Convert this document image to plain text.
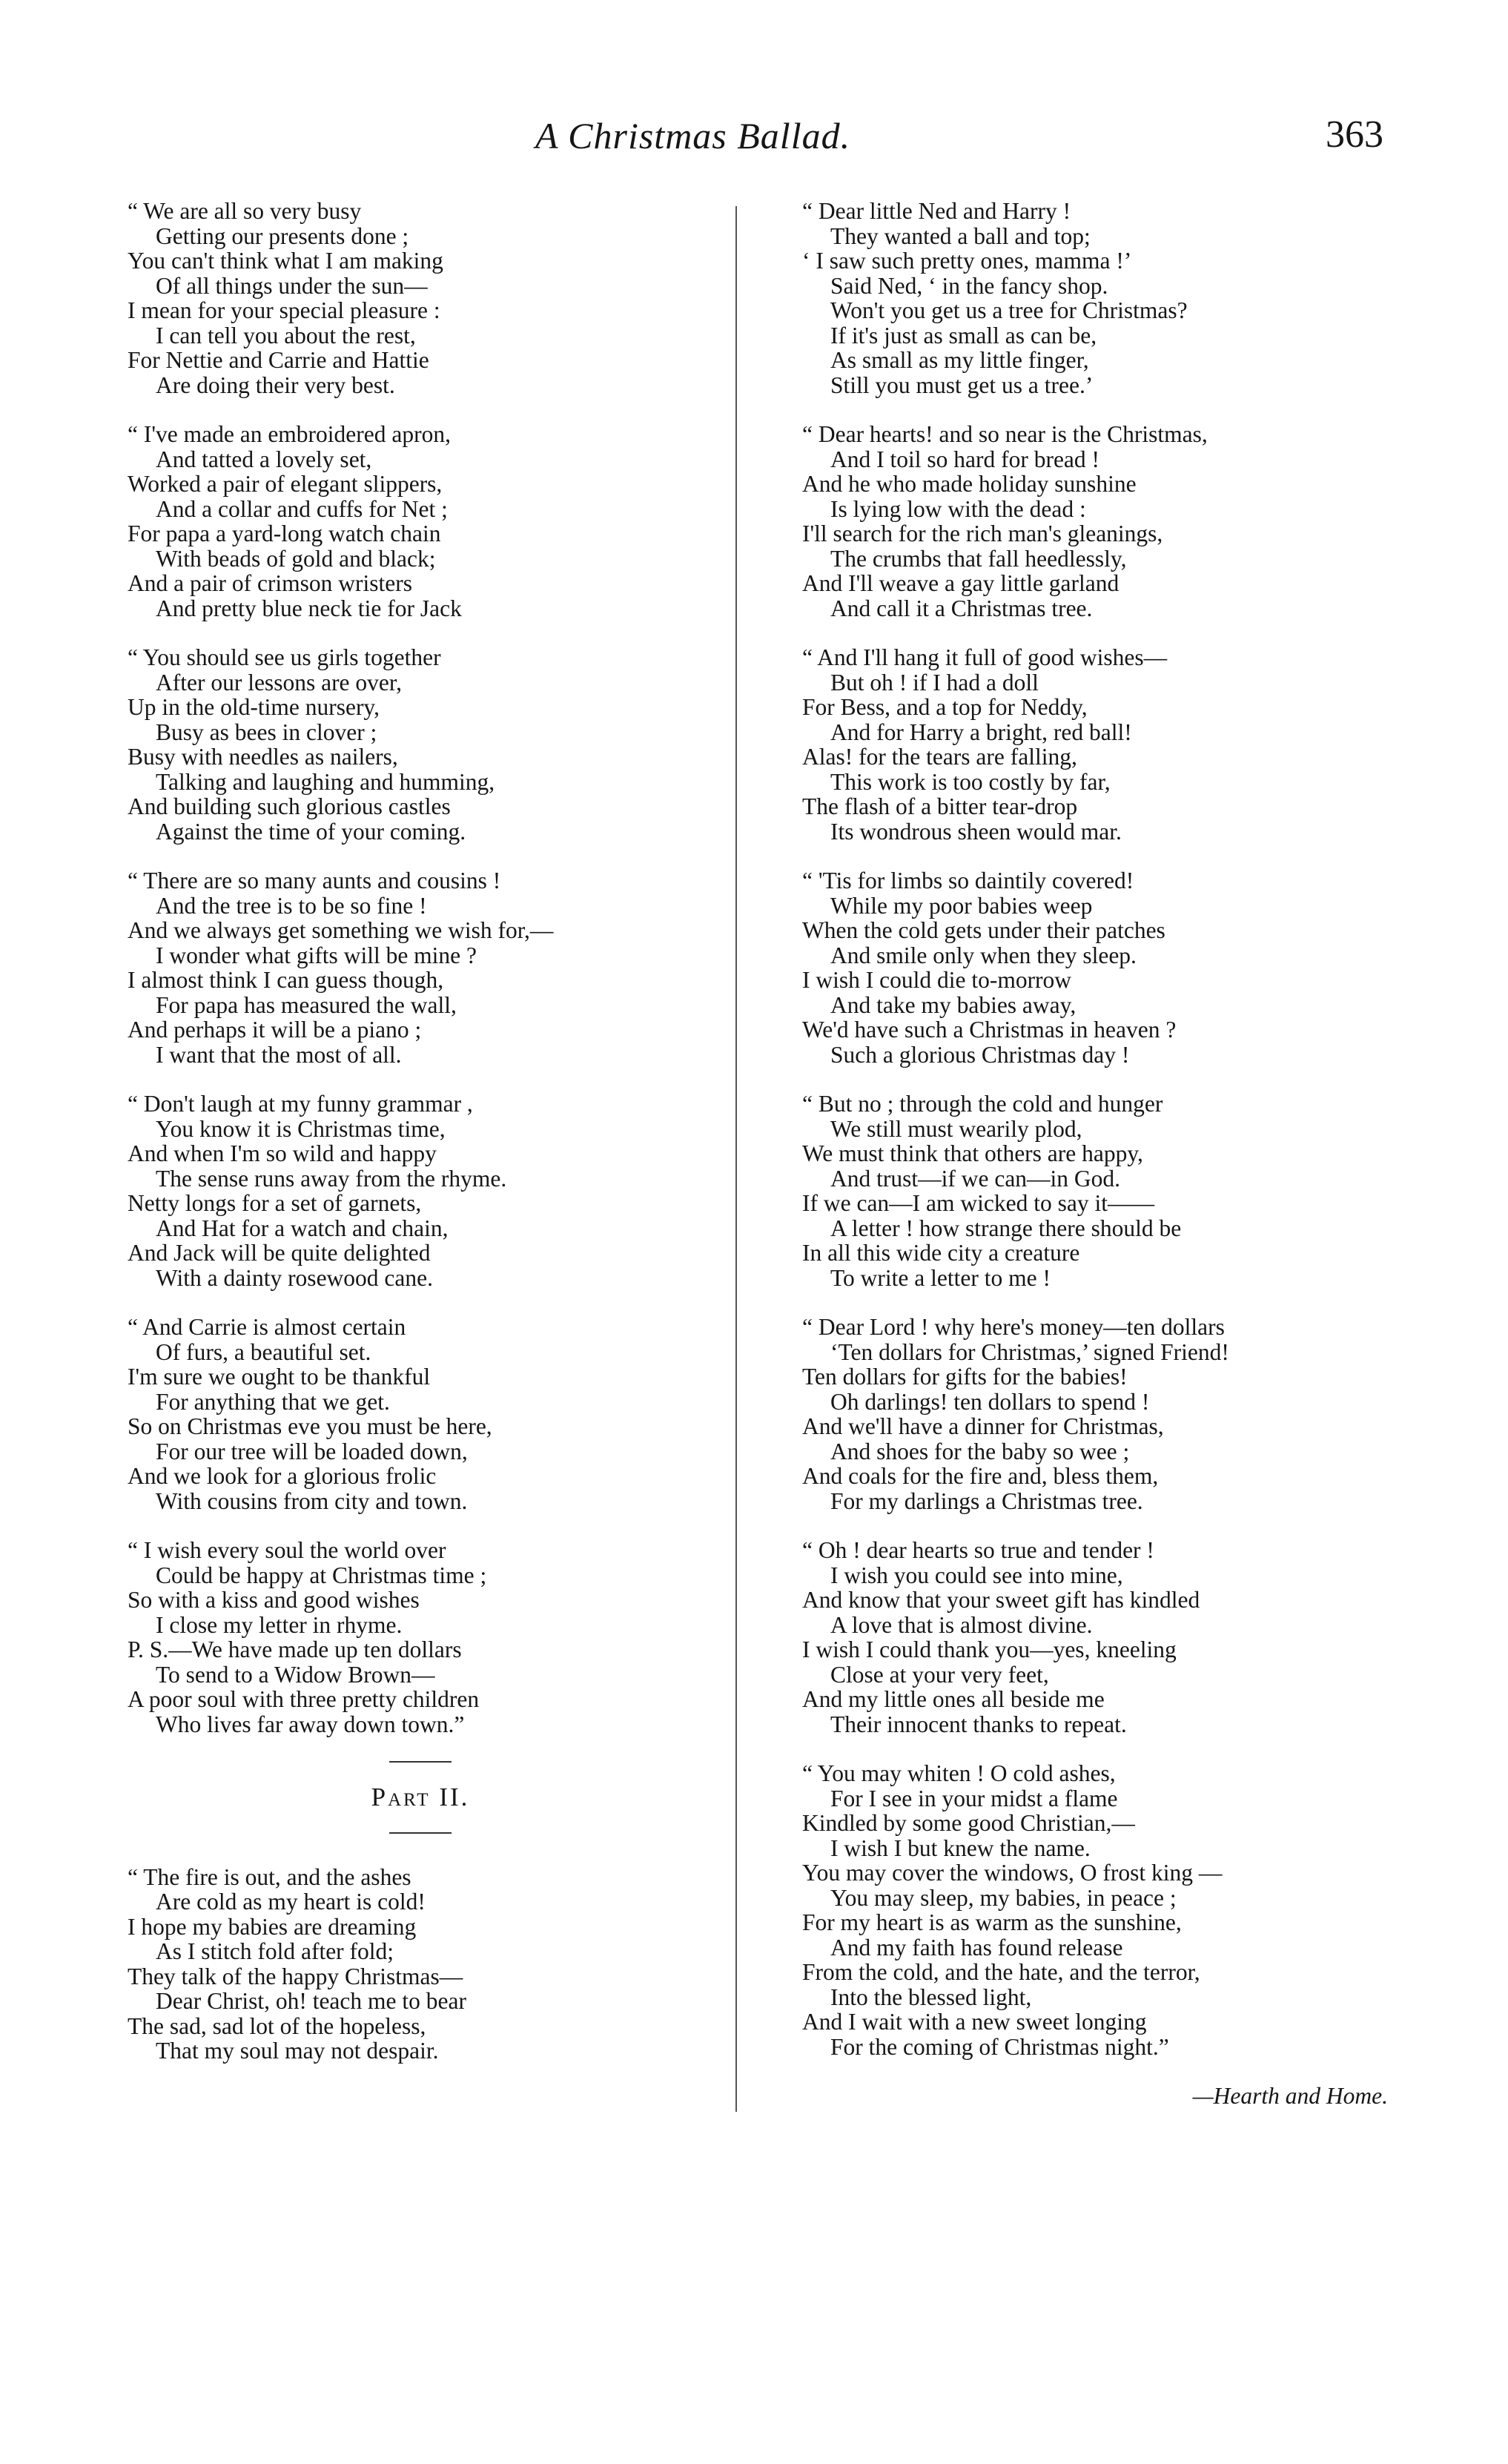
A Christmas Ballad.	363
“ We are all so very busy
Getting our presents done ;
You can't think what I am making
Of all things under the sun—
I mean for your special pleasure :
I can tell you about the rest,
For Nettie and Carrie and Hattie
Are doing their very best.
“ I've made an embroidered apron,
And tatted a lovely set,
Worked a pair of elegant slippers,
And a collar and cuffs for Net ;
For papa a yard-long watch chain
With beads of gold and black;
And a pair of crimson wristers
And pretty blue neck tie for Jack
“ You should see us girls together
After our lessons are over,
Up in the old-time nursery,
Busy as bees in clover ;
Busy with needles as nailers,
Talking and laughing and humming,
And building such glorious castles
Against the time of your coming.
“ There are so many aunts and cousins !
And the tree is to be so fine !
And we always get something we wish for,—
I wonder what gifts will be mine ?
I almost think I can guess though,
For papa has measured the wall,
And perhaps it will be a piano ;
I want that the most of all.
“ Don't laugh at my funny grammar ,
You know it is Christmas time,
And when I'm so wild and happy
The sense runs away from the rhyme.
Netty longs for a set of garnets,
And Hat for a watch and chain,
And Jack will be quite delighted
With a dainty rosewood cane.
“ And Carrie is almost certain
Of furs, a beautiful set.
I'm sure we ought to be thankful
For anything that we get.
So on Christmas eve you must be here,
For our tree will be loaded down,
And we look for a glorious frolic
With cousins from city and town.
“ I wish every soul the world over
Could be happy at Christmas time ;
So with a kiss and good wishes
I close my letter in rhyme.
P. S.—We have made up ten dollars
To send to a Widow Brown—
A poor soul with three pretty children
Who lives far away down town.”
Part II.
“ The fire is out, and the ashes
Are cold as my heart is cold!
I hope my babies are dreaming
As I stitch fold after fold;
They talk of the happy Christmas—
Dear Christ, oh! teach me to bear
The sad, sad lot of the hopeless,
That my soul may not despair.
“ Dear little Ned and Harry !
They wanted a ball and top;
‘ I saw such pretty ones, mamma !’
Said Ned, ‘ in the fancy shop.
Won't you get us a tree for Christmas?
If it's just as small as can be,
As small as my little finger,
Still you must get us a tree.’
“ Dear hearts! and so near is the Christmas,
And I toil so hard for bread !
And he who made holiday sunshine
Is lying low with the dead :
I'll search for the rich man's gleanings,
The crumbs that fall heedlessly,
And I'll weave a gay little garland
And call it a Christmas tree.
“ And I'll hang it full of good wishes—
But oh ! if I had a doll
For Bess, and a top for Neddy,
And for Harry a bright, red ball!
Alas! for the tears are falling,
This work is too costly by far,
The flash of a bitter tear-drop
Its wondrous sheen would mar.
“ 'Tis for limbs so daintily covered!
While my poor babies weep
When the cold gets under their patches
And smile only when they sleep.
I wish I could die to-morrow
And take my babies away,
We'd have such a Christmas in heaven ?
Such a glorious Christmas day !
“ But no ; through the cold and hunger
We still must wearily plod,
We must think that others are happy,
And trust—if we can—in God.
If we can—I am wicked to say it——
A letter ! how strange there should be
In all this wide city a creature
To write a letter to me !
“ Dear Lord ! why here's money—ten dollars
‘Ten dollars for Christmas,’ signed Friend!
Ten dollars for gifts for the babies!
Oh darlings! ten dollars to spend !
And we'll have a dinner for Christmas,
And shoes for the baby so wee ;
And coals for the fire and, bless them,
For my darlings a Christmas tree.
“ Oh ! dear hearts so true and tender !
I wish you could see into mine,
And know that your sweet gift has kindled
A love that is almost divine.
I wish I could thank you—yes, kneeling
Close at your very feet,
And my little ones all beside me
Their innocent thanks to repeat.
“ You may whiten ! O cold ashes,
For I see in your midst a flame
Kindled by some good Christian,—
I wish I but knew the name.
You may cover the windows, O frost king —
You may sleep, my babies, in peace ;
For my heart is as warm as the sunshine,
And my faith has found release
From the cold, and the hate, and the terror,
Into the blessed light,
And I wait with a new sweet longing
For the coming of Christmas night.”
—Hearth and Home.
